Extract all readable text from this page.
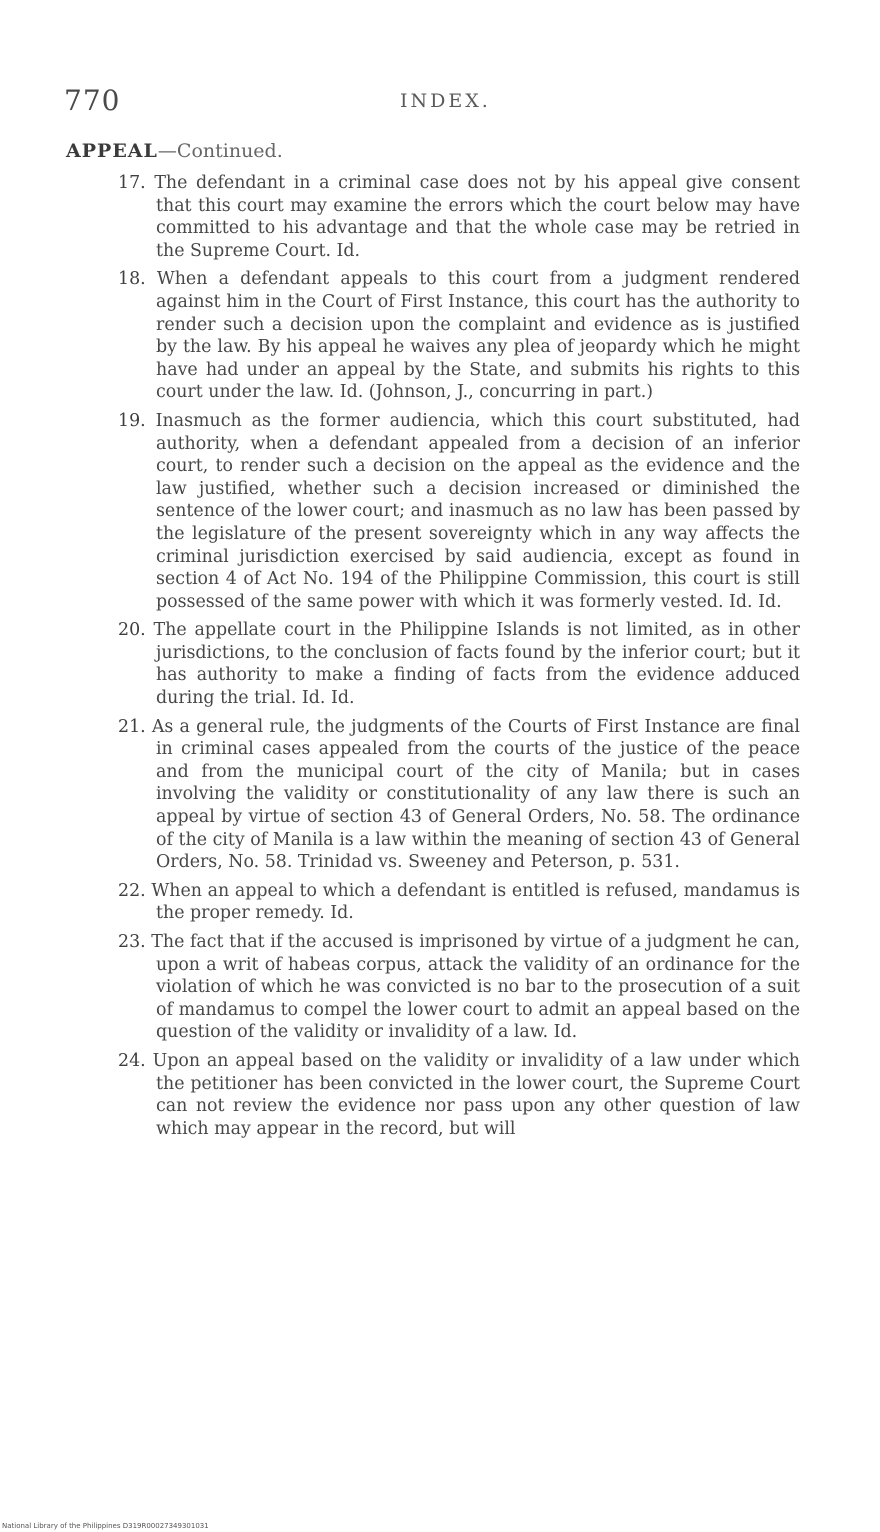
770	INDEX.
APPEAL—Continued.

17. The defendant in a criminal case does not by his appeal give consent that this court may examine the errors which the court below may have committed to his advantage and that the whole case may be retried in the Supreme Court. Id.

18. When a defendant appeals to this court from a judgment rendered against him in the Court of First Instance, this court has the authority to render such a decision upon the complaint and evidence as is justified by the law. By his appeal he waives any plea of jeopardy which he might have had under an appeal by the State, and submits his rights to this court under the law. Id. (Johnson, J., concurring in part.)

19. Inasmuch as the former audiencia, which this court substituted, had authority, when a defendant appealed from a decision of an inferior court, to render such a decision on the appeal as the evidence and the law justified, whether such a decision increased or diminished the sentence of the lower court; and inasmuch as no law has been passed by the legislature of the present sovereignty which in any way affects the criminal jurisdiction exercised by said audiencia, except as found in section 4 of Act No. 194 of the Philippine Commission, this court is still possessed of the same power with which it was formerly vested. Id. Id.

20. The appellate court in the Philippine Islands is not limited, as in other jurisdictions, to the conclusion of facts found by the inferior court; but it has authority to make a finding of facts from the evidence adduced during the trial. Id. Id.

21. As a general rule, the judgments of the Courts of First Instance are final in criminal cases appealed from the courts of the justice of the peace and from the municipal court of the city of Manila; but in cases involving the validity or constitutionality of any law there is such an appeal by virtue of section 43 of General Orders, No. 58. The ordinance of the city of Manila is a law within the meaning of section 43 of General Orders, No. 58. Trinidad vs. Sweeney and Peterson, p. 531.

22. When an appeal to which a defendant is entitled is refused, mandamus is the proper remedy. Id.

23. The fact that if the accused is imprisoned by virtue of a judgment he can, upon a writ of habeas corpus, attack the validity of an ordinance for the violation of which he was convicted is no bar to the prosecution of a suit of mandamus to compel the lower court to admit an appeal based on the question of the validity or invalidity of a law. Id.

24. Upon an appeal based on the validity or invalidity of a law under which the petitioner has been convicted in the lower court, the Supreme Court can not review the evidence nor pass upon any other question of law which may appear in the record, but will

National Library of the Philippines D319R00027349301031
